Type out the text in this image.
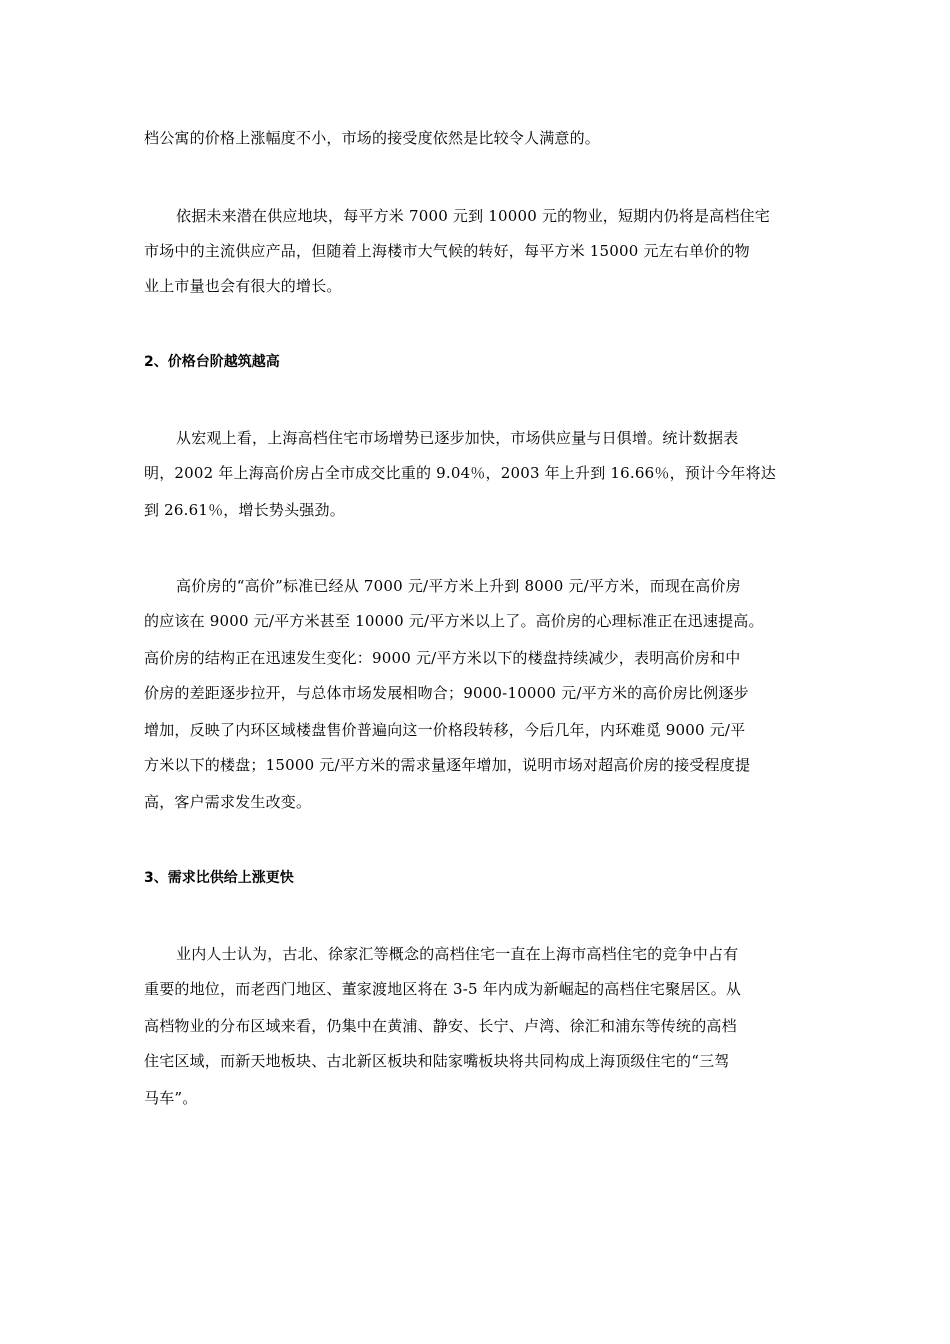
档公寓的价格上涨幅度不小，市场的接受度依然是比较令人满意的。
依据未来潜在供应地块，每平方米 7000 元到 10000 元的物业，短期内仍将是高档住宅
市场中的主流供应产品，但随着上海楼市大气候的转好，每平方米 15000 元左右单价的物
业上市量也会有很大的增长。
2、价格台阶越筑越高
从宏观上看，上海高档住宅市场增势已逐步加快，市场供应量与日俱增。统计数据表
明，2002 年上海高价房占全市成交比重的 9.04％，2003 年上升到 16.66％，预计今年将达
到 26.61％，增长势头强劲。
高价房的“高价”标准已经从 7000 元/平方米上升到 8000 元/平方米，而现在高价房
的应该在 9000 元/平方米甚至 10000 元/平方米以上了。高价房的心理标准正在迅速提高。
高价房的结构正在迅速发生变化：9000 元/平方米以下的楼盘持续减少，表明高价房和中
价房的差距逐步拉开，与总体市场发展相吻合；9000-10000 元/平方米的高价房比例逐步
增加，反映了内环区域楼盘售价普遍向这一价格段转移，今后几年，内环难觅 9000 元/平
方米以下的楼盘；15000 元/平方米的需求量逐年增加，说明市场对超高价房的接受程度提
高，客户需求发生改变。
3、需求比供给上涨更快
业内人士认为，古北、徐家汇等概念的高档住宅一直在上海市高档住宅的竞争中占有
重要的地位，而老西门地区、董家渡地区将在 3-5 年内成为新崛起的高档住宅聚居区。从
高档物业的分布区域来看，仍集中在黄浦、静安、长宁、卢湾、徐汇和浦东等传统的高档
住宅区域，而新天地板块、古北新区板块和陆家嘴板块将共同构成上海顶级住宅的“三驾
马车”。
